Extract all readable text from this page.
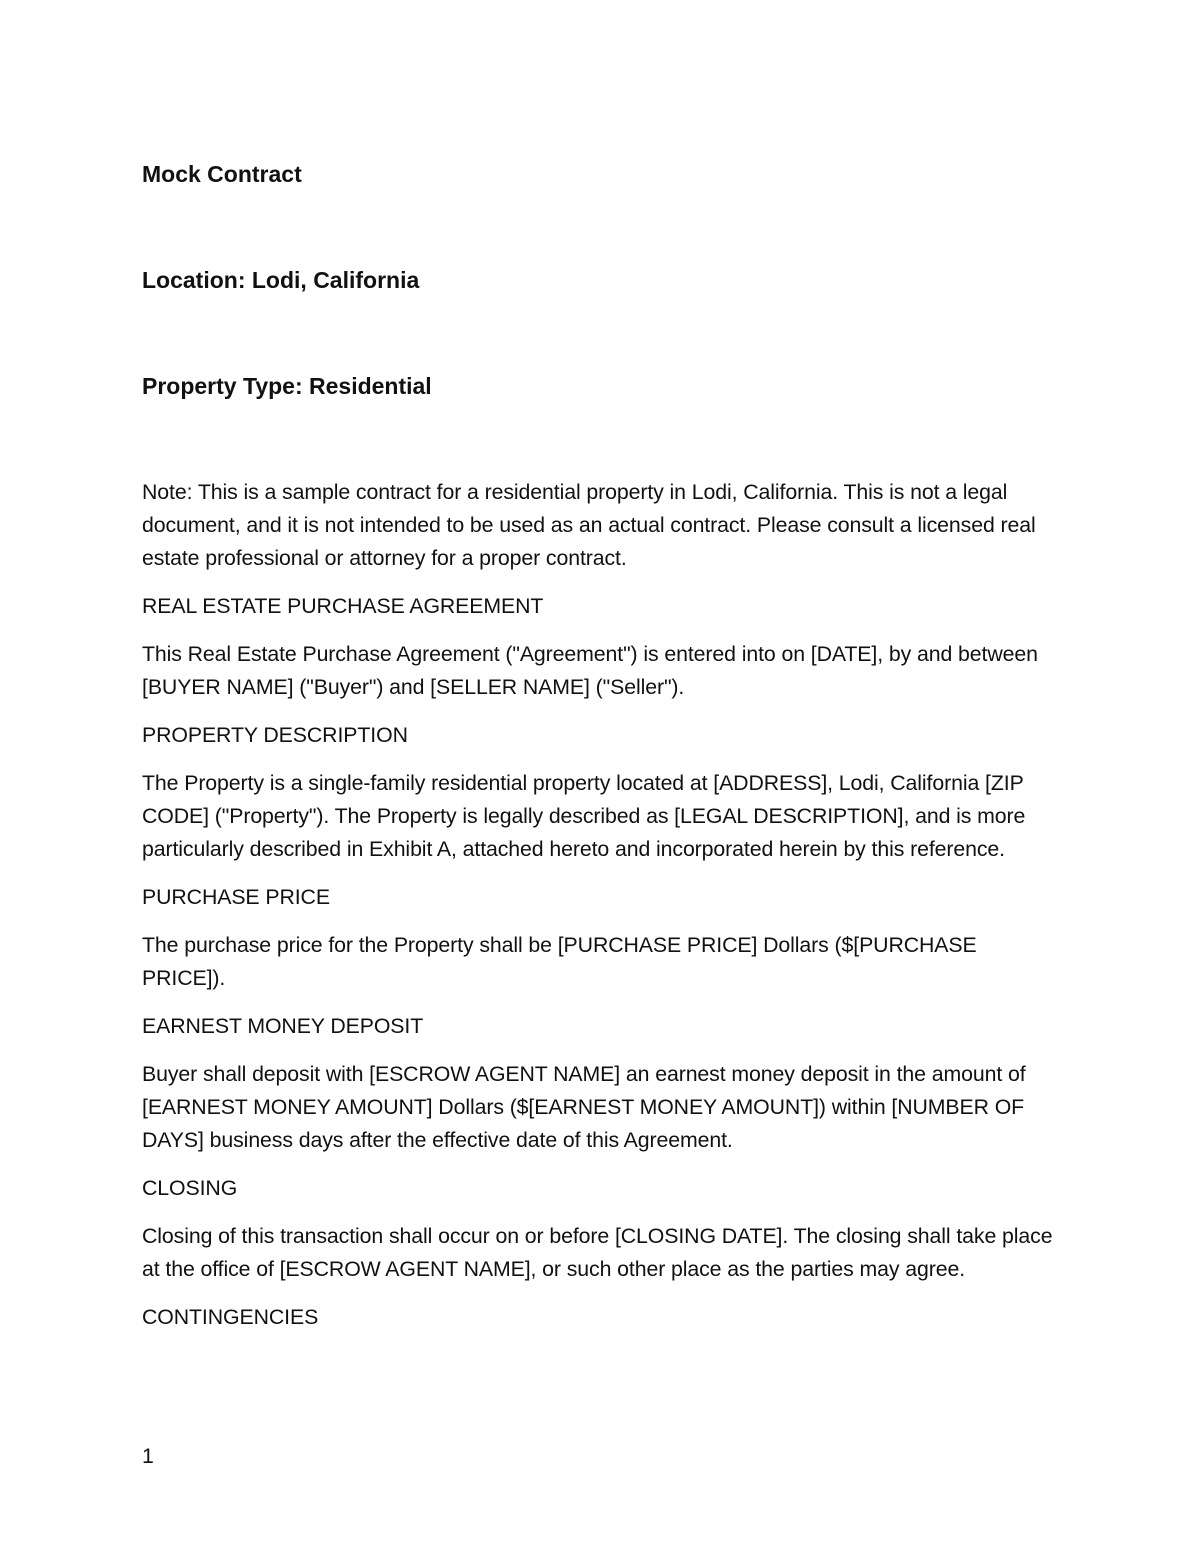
Mock Contract

Location: Lodi, California

Property Type: Residential

Note: This is a sample contract for a residential property in Lodi, California. This is not a legal document, and it is not intended to be used as an actual contract. Please consult a licensed real estate professional or attorney for a proper contract.

REAL ESTATE PURCHASE AGREEMENT

This Real Estate Purchase Agreement ("Agreement") is entered into on [DATE], by and between [BUYER NAME] ("Buyer") and [SELLER NAME] ("Seller").

PROPERTY DESCRIPTION

The Property is a single-family residential property located at [ADDRESS], Lodi, California [ZIP CODE] ("Property"). The Property is legally described as [LEGAL DESCRIPTION], and is more particularly described in Exhibit A, attached hereto and incorporated herein by this reference.

PURCHASE PRICE

The purchase price for the Property shall be [PURCHASE PRICE] Dollars ($[PURCHASE PRICE]).

EARNEST MONEY DEPOSIT

Buyer shall deposit with [ESCROW AGENT NAME] an earnest money deposit in the amount of [EARNEST MONEY AMOUNT] Dollars ($[EARNEST MONEY AMOUNT]) within [NUMBER OF DAYS] business days after the effective date of this Agreement.

CLOSING

Closing of this transaction shall occur on or before [CLOSING DATE]. The closing shall take place at the office of [ESCROW AGENT NAME], or such other place as the parties may agree.

CONTINGENCIES

1
